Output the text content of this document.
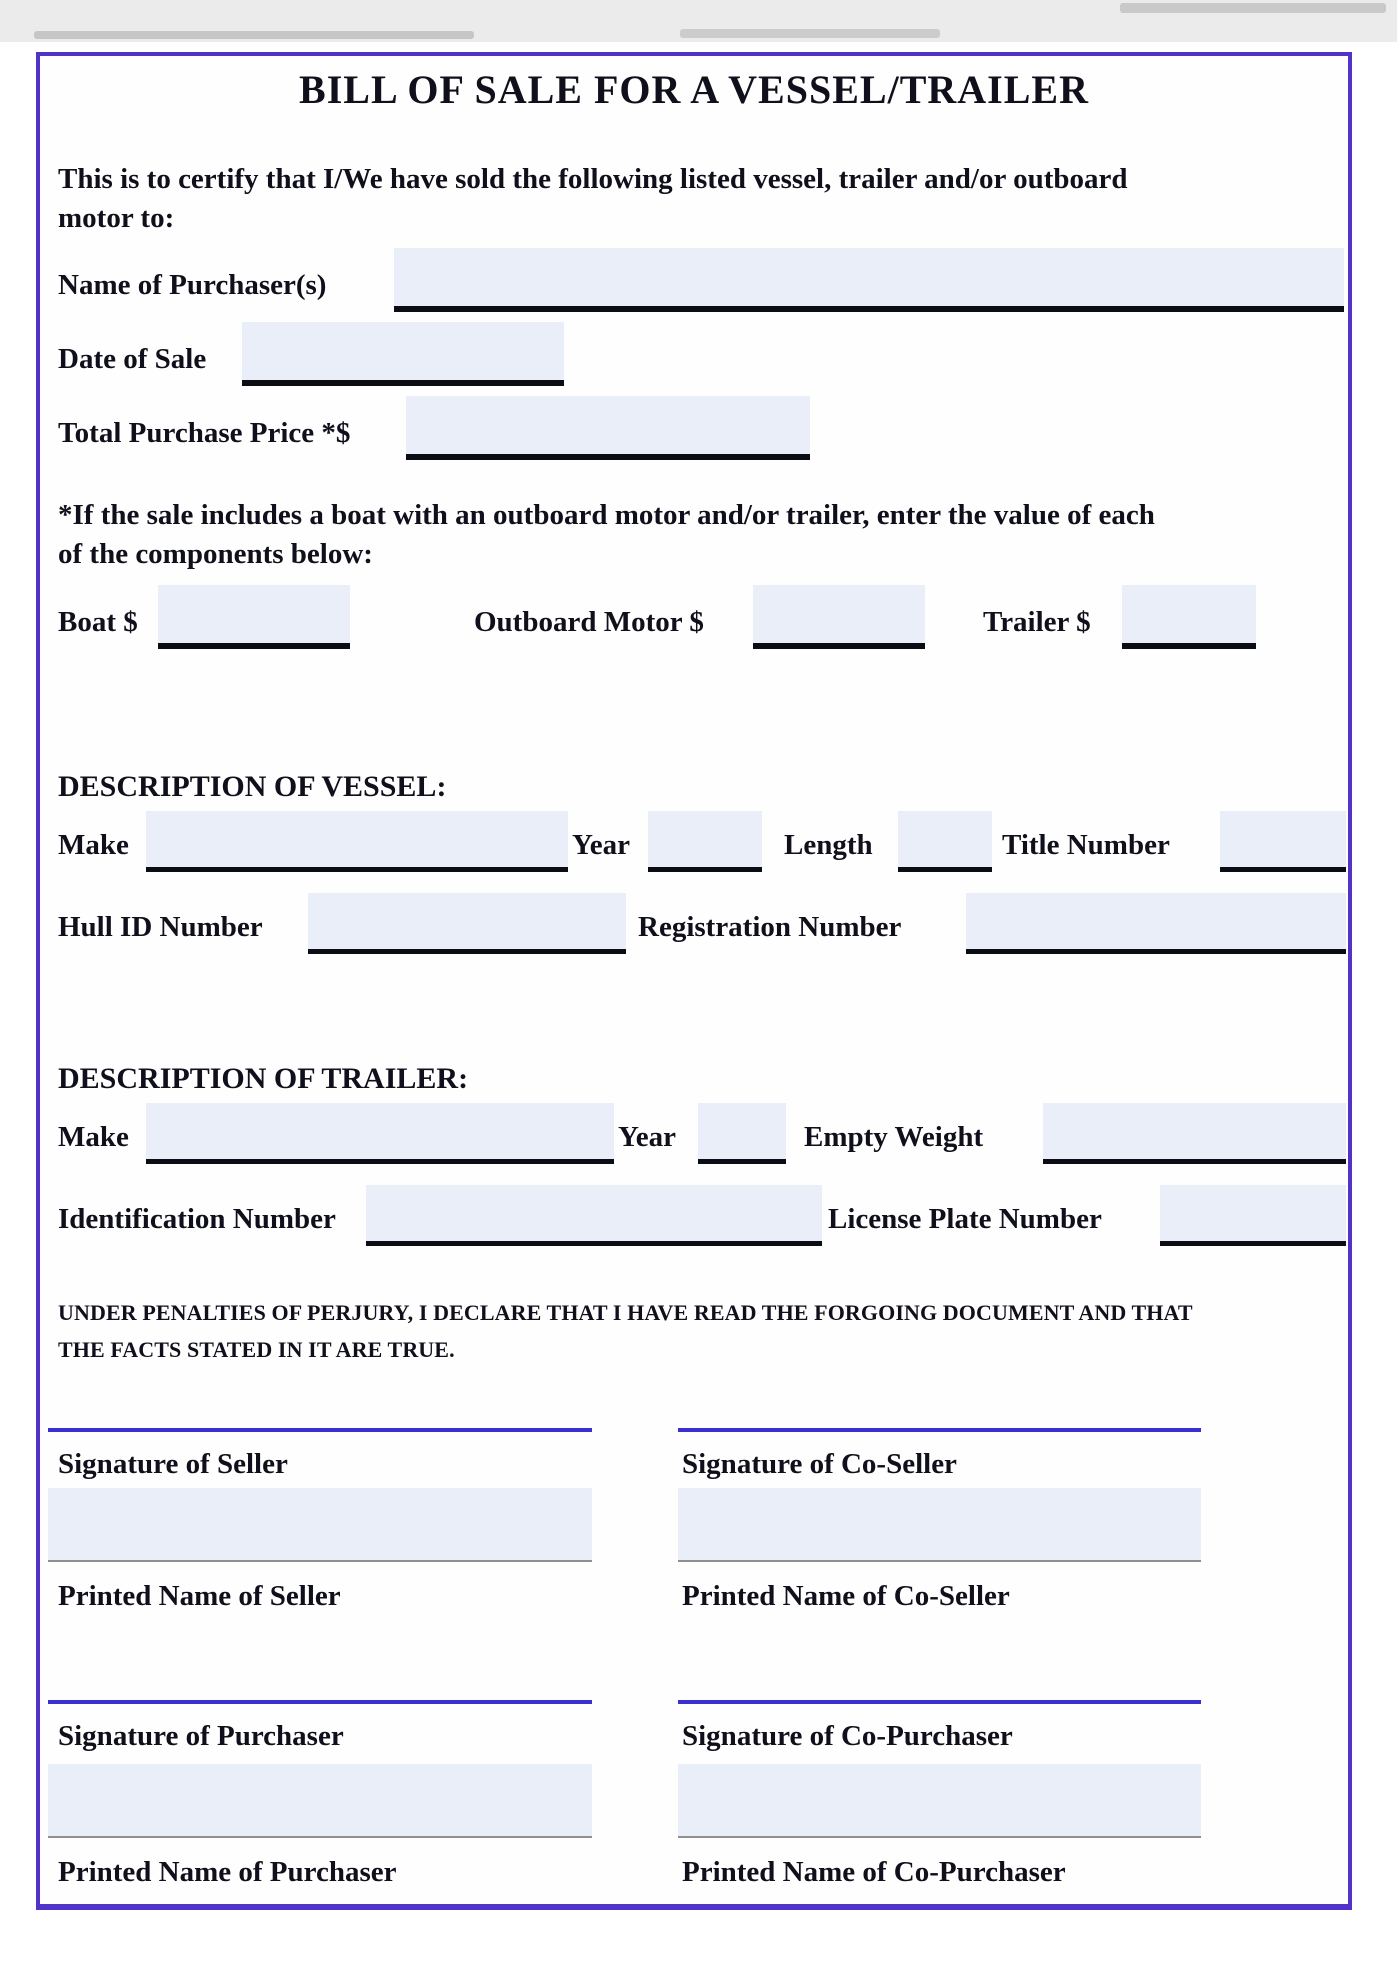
BILL OF SALE FOR A VESSEL/TRAILER
This is to certify that I/We have sold the following listed vessel, trailer and/or outboard
motor to:
Name of Purchaser(s)
Date of Sale
Total Purchase Price *$
*If the sale includes a boat with an outboard motor and/or trailer, enter the value of each
of the components below:
Boat $	Outboard Motor $	Trailer $
DESCRIPTION OF VESSEL:
Make	Year	Length	Title Number
Hull ID Number	Registration Number
DESCRIPTION OF TRAILER:
Make	Year	Empty Weight
Identification Number	License Plate Number
UNDER PENALTIES OF PERJURY, I DECLARE THAT I HAVE READ THE FORGOING DOCUMENT AND THAT
THE FACTS STATED IN IT ARE TRUE.
Signature of Seller	Signature of Co-Seller
Printed Name of Seller	Printed Name of Co-Seller
Signature of Purchaser	Signature of Co-Purchaser
Printed Name of Purchaser	Printed Name of Co-Purchaser
